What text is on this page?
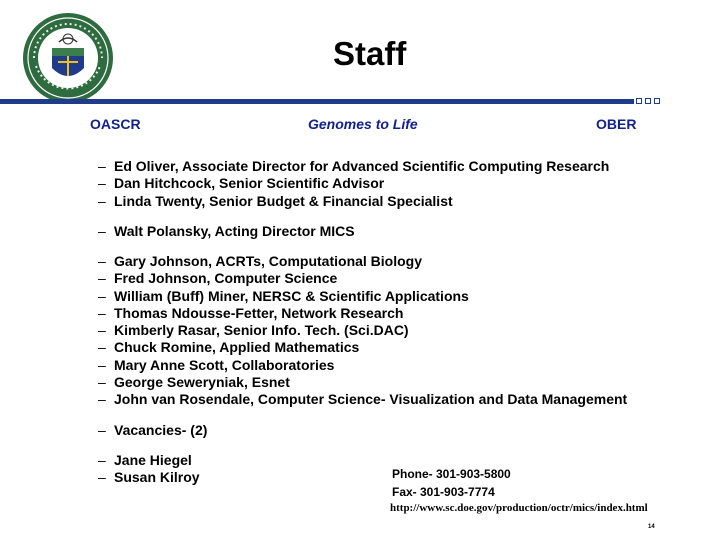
Staff
OASCR	Genomes to Life	OBER
– Ed Oliver, Associate Director for Advanced Scientific Computing Research
– Dan Hitchcock, Senior Scientific Advisor
– Linda Twenty, Senior Budget & Financial Specialist
– Walt Polansky, Acting Director MICS
– Gary Johnson, ACRTs, Computational Biology
– Fred Johnson, Computer Science
– William (Buff) Miner, NERSC & Scientific Applications
– Thomas Ndousse-Fetter, Network Research
– Kimberly Rasar, Senior Info. Tech. (Sci.DAC)
– Chuck Romine, Applied Mathematics
– Mary Anne Scott, Collaboratories
– George Seweryniak, Esnet
– John van Rosendale, Computer Science- Visualization and Data Management
– Vacancies- (2)
– Jane Hiegel
– Susan Kilroy	Phone- 301-903-5800
Fax- 301-903-7774
http://www.sc.doe.gov/production/octr/mics/index.html
14
